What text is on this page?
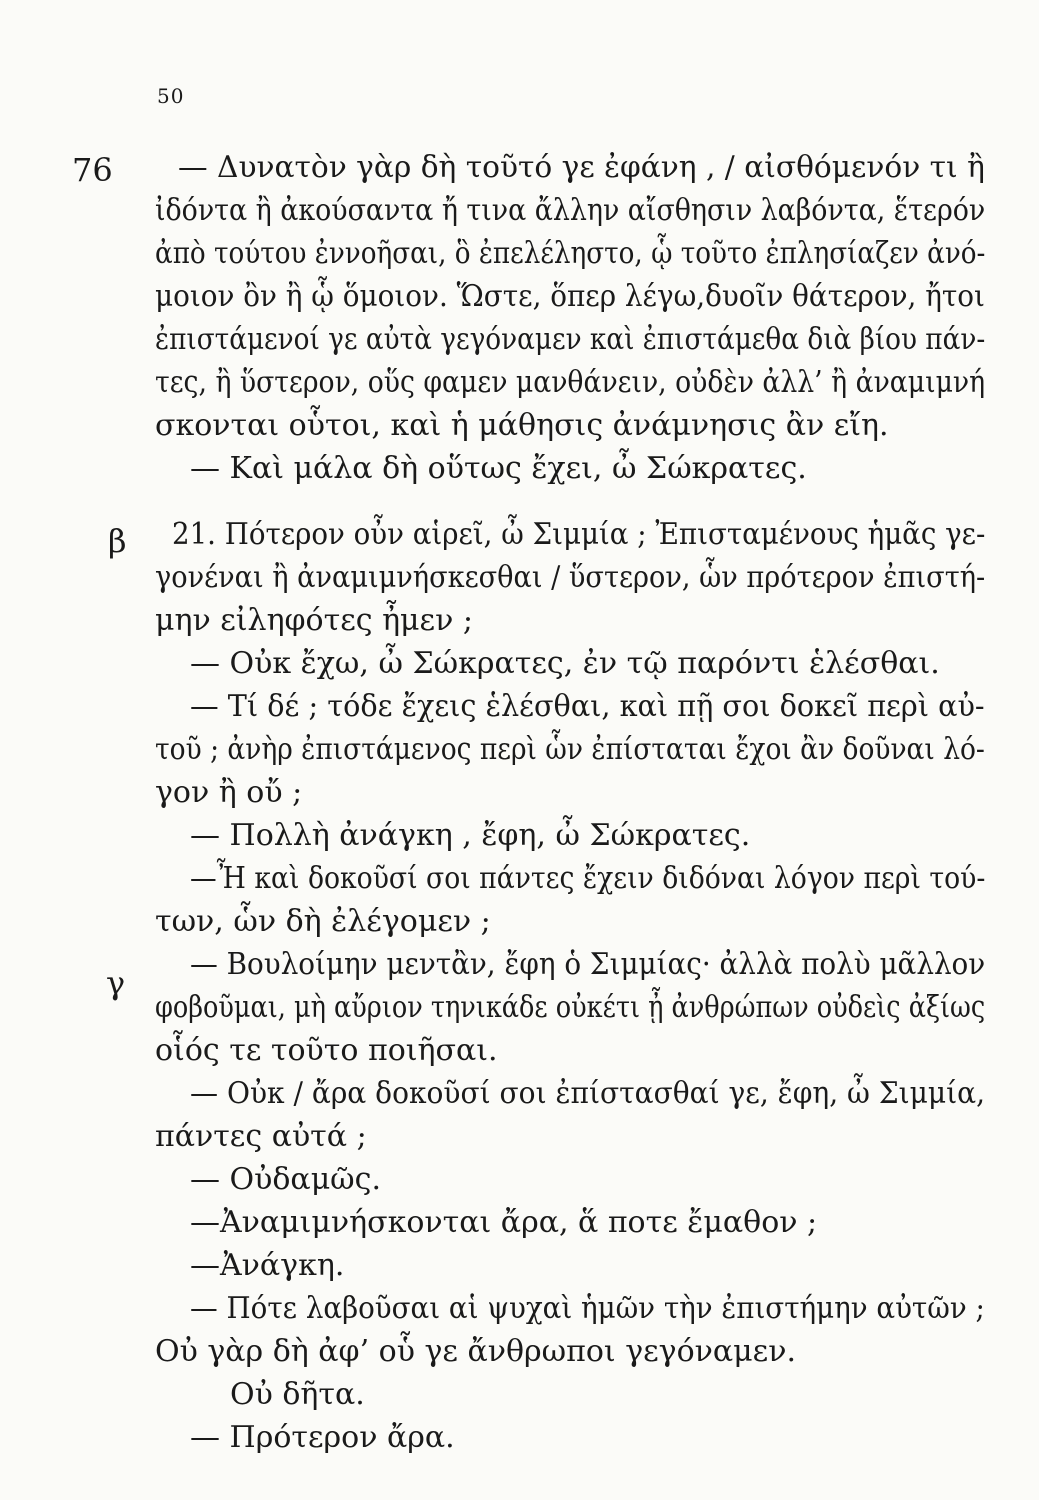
50
76
β
γ
— Δυνατὸν γὰρ δὴ τοῦτό γε ἐφάνη , / αἰσθόμενόν τι ἢ
ἰδόντα ἢ ἀκούσαντα ἤ τινα ἄλλην αἴσθησιν λαβόντα, ἕτερόν
ἀπὸ τούτου ἐννοῆσαι, ὃ ἐπελέληστο, ᾧ τοῦτο ἐπλησίαζεν ἀνό-
μοιον ὂν ἢ ᾧ ὅμοιον. Ὥστε, ὅπερ λέγω,δυοῖν θάτερον, ἤτοι
ἐπιστάμενοί γε αὐτὰ γεγόναμεν καὶ ἐπιστάμεθα διὰ βίου πάν-
τες, ἢ ὕστερον, οὕς φαμεν μανθάνειν, οὐδὲν ἀλλ’ ἢ ἀναμιμνή
σκονται οὗτοι, καὶ ἡ μάθησις ἀνάμνησις ἂν εἴη.
— Καὶ μάλα δὴ οὕτως ἔχει, ὦ Σώκρατες.
21. Πότερον οὖν αἱρεῖ, ὦ Σιμμία ; Ἐπισταμένους ἡμᾶς γε-
γονέναι ἢ ἀναμιμνήσκεσθαι / ὕστερον, ὧν πρότερον ἐπιστή-
μην εἰληφότες ἦμεν ;
— Οὐκ ἔχω, ὦ Σώκρατες, ἐν τῷ παρόντι ἑλέσθαι.
— Τί δέ ; τόδε ἔχεις ἑλέσθαι, καὶ πῇ σοι δοκεῖ περὶ αὐ-
τοῦ ; ἀνὴρ ἐπιστάμενος περὶ ὧν ἐπίσταται ἔχοι ἂν δοῦναι λό-
γον ἢ οὔ ;
— Πολλὴ ἀνάγκη , ἔφη, ὦ Σώκρατες.
—Ἦ καὶ δοκοῦσί σοι πάντες ἔχειν διδόναι λόγον περὶ τού-
των, ὧν δὴ ἐλέγομεν ;
— Βουλοίμην μεντἂν, ἔφη ὁ Σιμμίας· ἀλλὰ πολὺ μᾶλλον
φοβοῦμαι, μὴ αὔριον τηνικάδε οὐκέτι ᾖ ἀνθρώπων οὐδεὶς ἀξίως
οἷός τε τοῦτο ποιῆσαι.
— Οὐκ / ἄρα δοκοῦσί σοι ἐπίστασθαί γε, ἔφη, ὦ Σιμμία,
πάντες αὐτά ;
— Οὐδαμῶς.
—Ἀναμιμνήσκονται ἄρα, ἅ ποτε ἔμαθον ;
—Ἀνάγκη.
— Πότε λαβοῦσαι αἱ ψυχαὶ ἡμῶν τὴν ἐπιστήμην αὐτῶν ;
Οὐ γὰρ δὴ ἀφ’ οὗ γε ἄνθρωποι γεγόναμεν.
Οὐ δῆτα.
— Πρότερον ἄρα.
